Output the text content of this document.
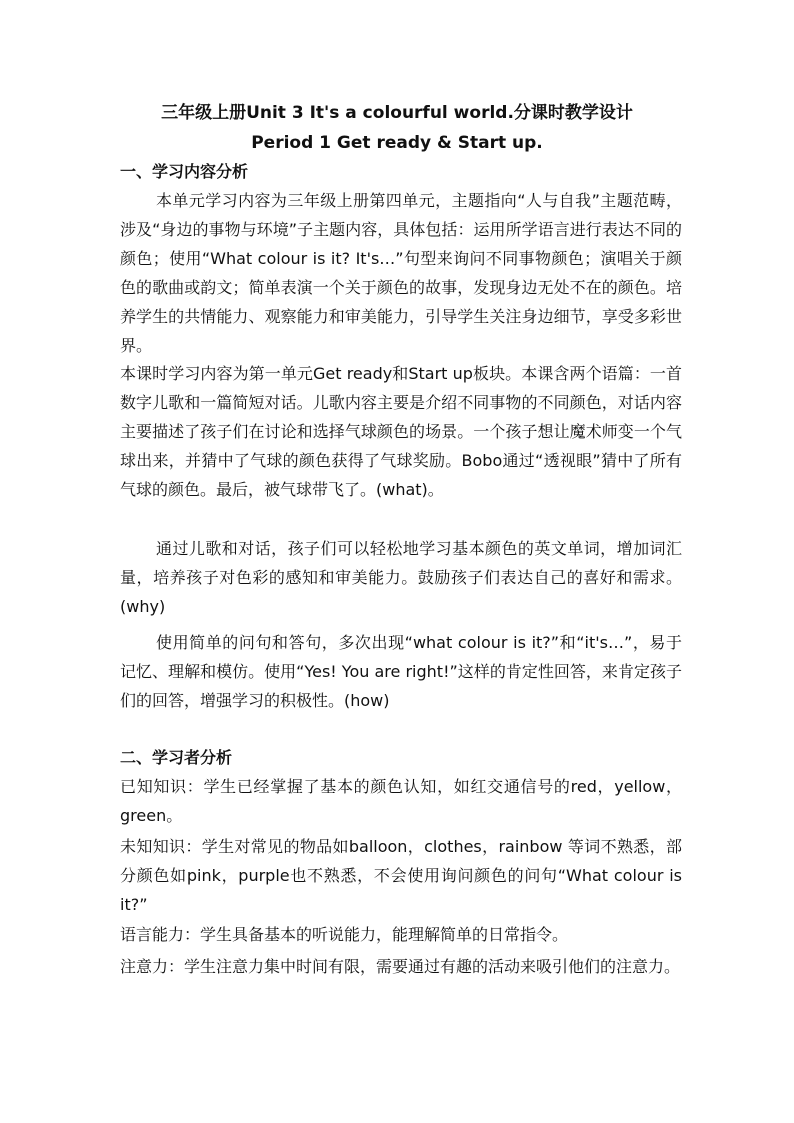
三年级上册Unit 3 It's a colourful world.分课时教学设计
Period 1 Get ready & Start up.
一、学习内容分析

本单元学习内容为三年级上册第四单元，主题指向“人与自我”主题范畴，涉及“身边的事物与环境”子主题内容，具体包括：运用所学语言进行表达不同的颜色；使用“What colour is it? It's…”句型来询问不同事物颜色；演唱关于颜色的歌曲或韵文；简单表演一个关于颜色的故事，发现身边无处不在的颜色。培养学生的共情能力、观察能力和审美能力，引导学生关注身边细节，享受多彩世界。

本课时学习内容为第一单元Get ready和Start up板块。本课含两个语篇：一首数字儿歌和一篇简短对话。儿歌内容主要是介绍不同事物的不同颜色，对话内容主要描述了孩子们在讨论和选择气球颜色的场景。一个孩子想让魔术师变一个气球出来，并猜中了气球的颜色获得了气球奖励。Bobo通过“透视眼”猜中了所有气球的颜色。最后，被气球带飞了。(what)。

通过儿歌和对话，孩子们可以轻松地学习基本颜色的英文单词，增加词汇量，培养孩子对色彩的感知和审美能力。鼓励孩子们表达自己的喜好和需求。(why)

使用简单的问句和答句，多次出现“what colour is it?”和“it's…”，易于记忆、理解和模仿。使用“Yes! You are right!”这样的肯定性回答，来肯定孩子们的回答，增强学习的积极性。(how)

二、学习者分析

已知知识：学生已经掌握了基本的颜色认知，如红交通信号的red，yellow，green。

未知知识：学生对常见的物品如balloon，clothes，rainbow 等词不熟悉，部分颜色如pink，purple也不熟悉，不会使用询问颜色的问句“What colour is it?”

语言能力：学生具备基本的听说能力，能理解简单的日常指令。

注意力：学生注意力集中时间有限，需要通过有趣的活动来吸引他们的注意力。
